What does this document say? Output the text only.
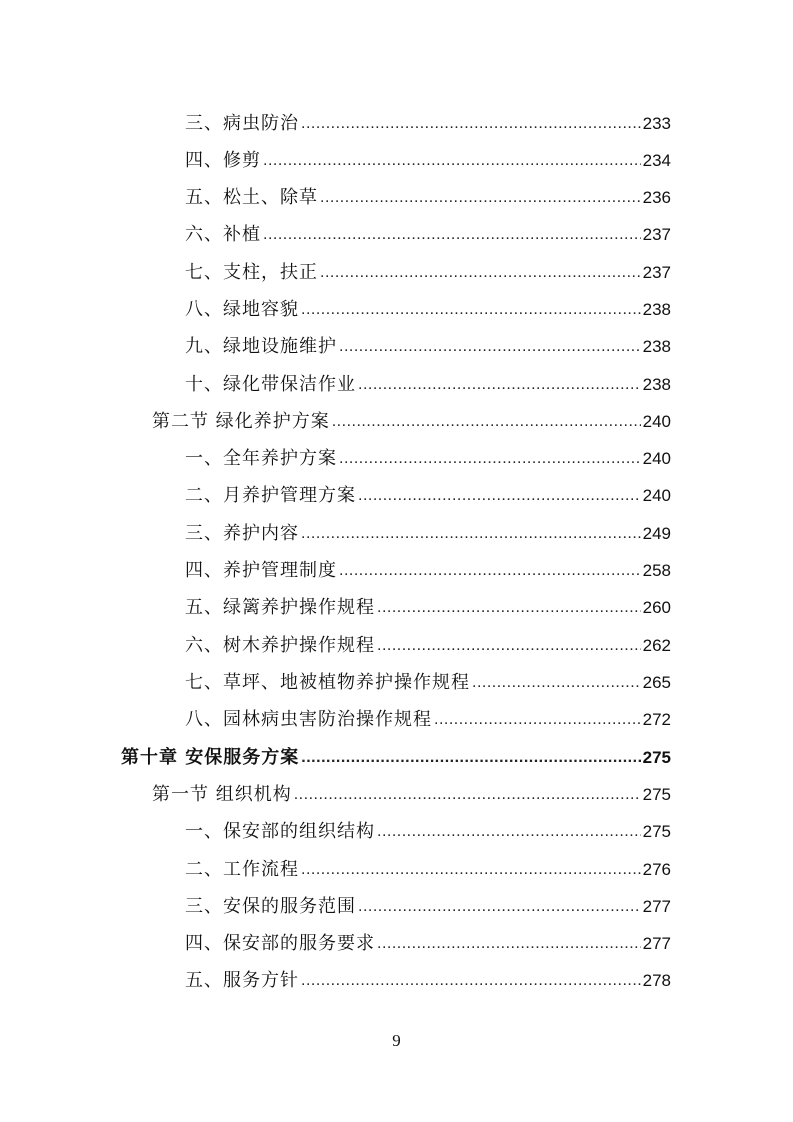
三、病虫防治 .....	233
四、修剪 .....	234
五、松土、除草 .....	236
六、补植 .....	237
七、支柱，扶正 .....	237
八、绿地容貌 .....	238
九、绿地设施维护 .....	238
十、绿化带保洁作业 .....	238
第二节 绿化养护方案 .....	240
一、全年养护方案 .....	240
二、月养护管理方案 .....	240
三、养护内容 .....	249
四、养护管理制度 .....	258
五、绿篱养护操作规程 .....	260
六、树木养护操作规程 .....	262
七、草坪、地被植物养护操作规程 .....	265
八、园林病虫害防治操作规程 .....	272
第十章 安保服务方案 .....	275
第一节 组织机构 .....	275
一、保安部的组织结构 .....	275
二、工作流程 .....	276
三、安保的服务范围 .....	277
四、保安部的服务要求 .....	277
五、服务方针 .....	278
9
